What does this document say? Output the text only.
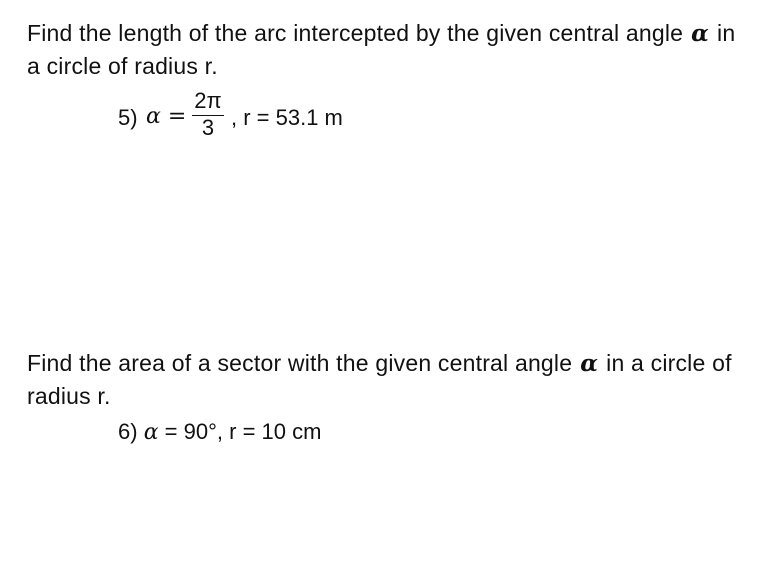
Find the length of the arc intercepted by the given central angle α in a circle of radius r.

5) α =
2π
3 , r = 53.1 m

Find the area of a sector with the given central angle α in a circle of radius r.

6) α = 90°, r = 10 cm
